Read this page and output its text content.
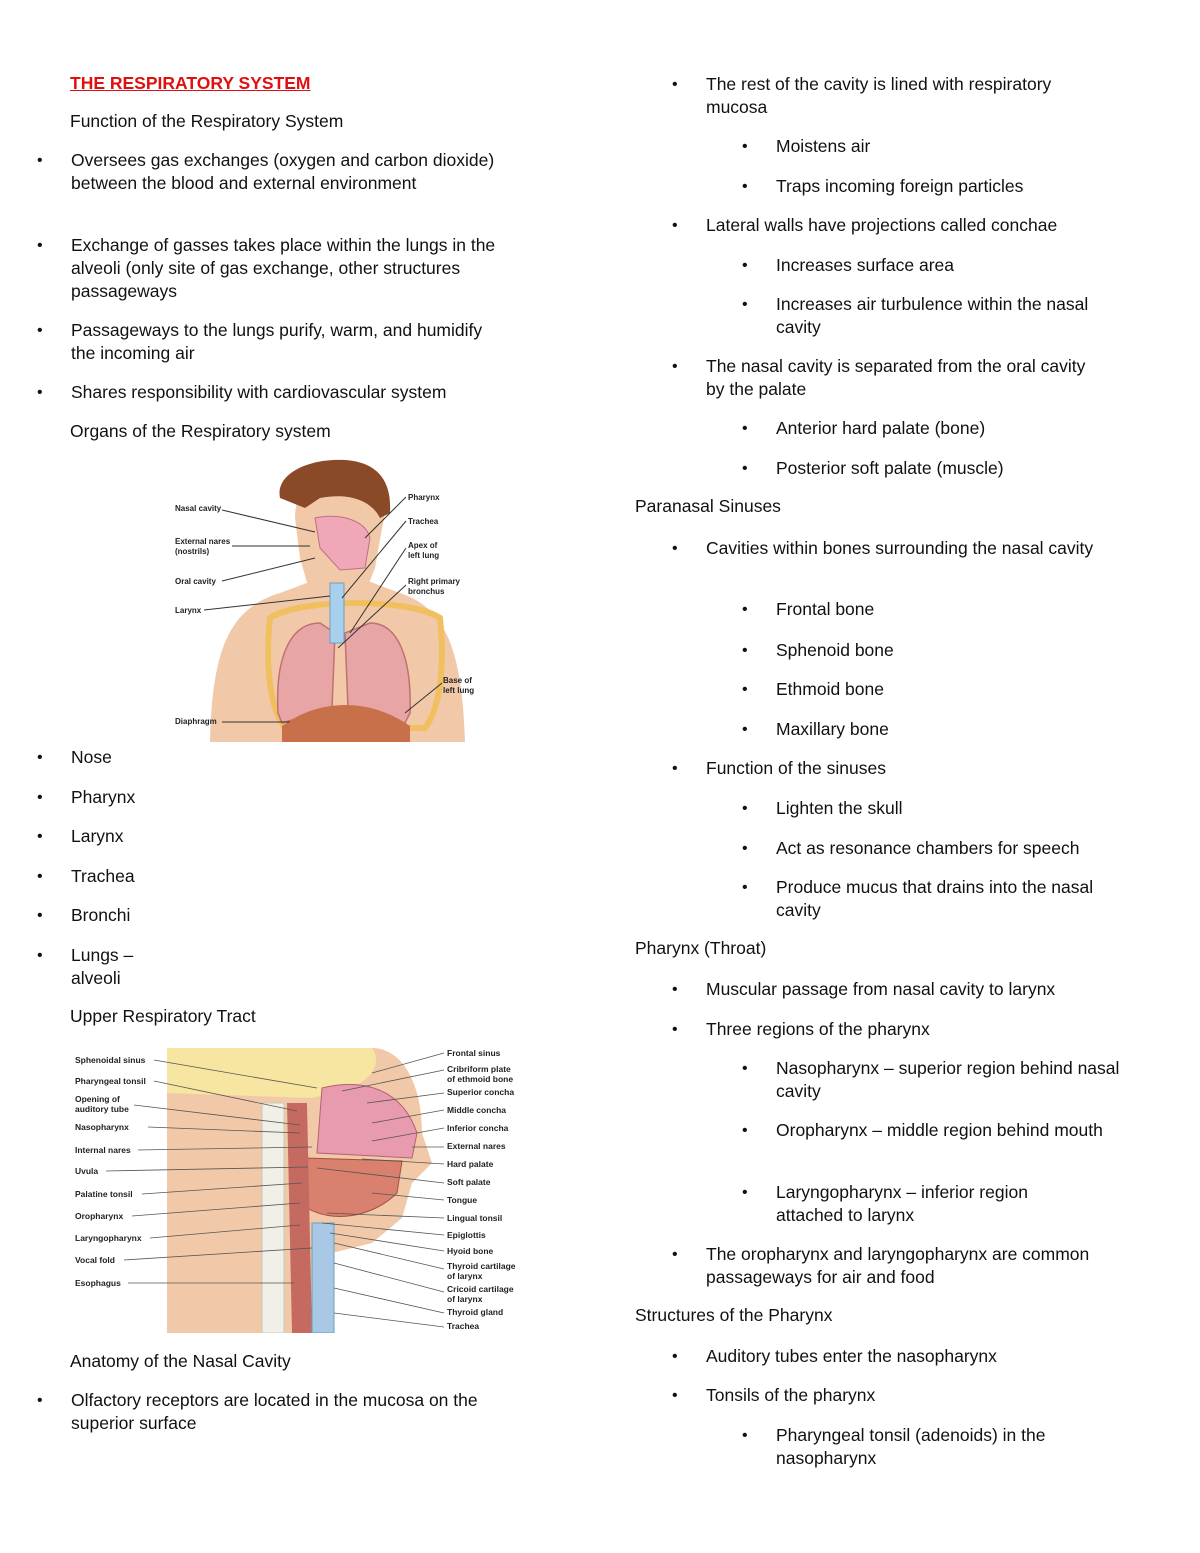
THE RESPIRATORY SYSTEM
Function of the Respiratory System
• Oversees gas exchanges (oxygen and carbon dioxide) between the blood and external environment
• Exchange of gasses takes place within the lungs in the alveoli (only site of gas exchange, other structures passageways
• Passageways to the lungs purify, warm, and humidify the incoming air
• Shares responsibility with cardiovascular system
Organs of the Respiratory system
Nasal cavity
External nares
(nostrils)
Oral cavity
Larynx
Diaphragm
Pharynx
Trachea
Apex of
left lung
Right primary
bronchus
Base of
left lung
• Nose
• Pharynx
• Larynx
• Trachea
• Bronchi
• Lungs –
alveoli
Upper Respiratory Tract
Sphenoidal sinus
Pharyngeal tonsil
Opening of
auditory tube
Nasopharynx
Internal nares
Uvula
Palatine tonsil
Oropharynx
Laryngopharynx
Vocal fold
Esophagus
Frontal sinus
Cribriform plate
of ethmoid bone
Superior concha
Middle concha
Inferior concha
External nares
Hard palate
Soft palate
Tongue
Lingual tonsil
Epiglottis
Hyoid bone
Thyroid cartilage
of larynx
Cricoid cartilage
of larynx
Thyroid gland
Trachea
Anatomy of the Nasal Cavity
• Olfactory receptors are located in the mucosa on the superior surface
• The rest of the cavity is lined with respiratory mucosa
• Moistens air
• Traps incoming foreign particles
• Lateral walls have projections called conchae
• Increases surface area
• Increases air turbulence within the nasal cavity
• The nasal cavity is separated from the oral cavity by the palate
• Anterior hard palate (bone)
• Posterior soft palate (muscle)
Paranasal Sinuses
• Cavities within bones surrounding the nasal cavity
• Frontal bone
• Sphenoid bone
• Ethmoid bone
• Maxillary bone
• Function of the sinuses
• Lighten the skull
• Act as resonance chambers for speech
• Produce mucus that drains into the nasal cavity
Pharynx (Throat)
• Muscular passage from nasal cavity to larynx
• Three regions of the pharynx
• Nasopharynx – superior region behind nasal cavity
• Oropharynx – middle region behind mouth
• Laryngopharynx – inferior region attached to larynx
• The oropharynx and laryngopharynx are common passageways for air and food
Structures of the Pharynx
• Auditory tubes enter the nasopharynx
• Tonsils of the pharynx
• Pharyngeal tonsil (adenoids) in the nasopharynx
